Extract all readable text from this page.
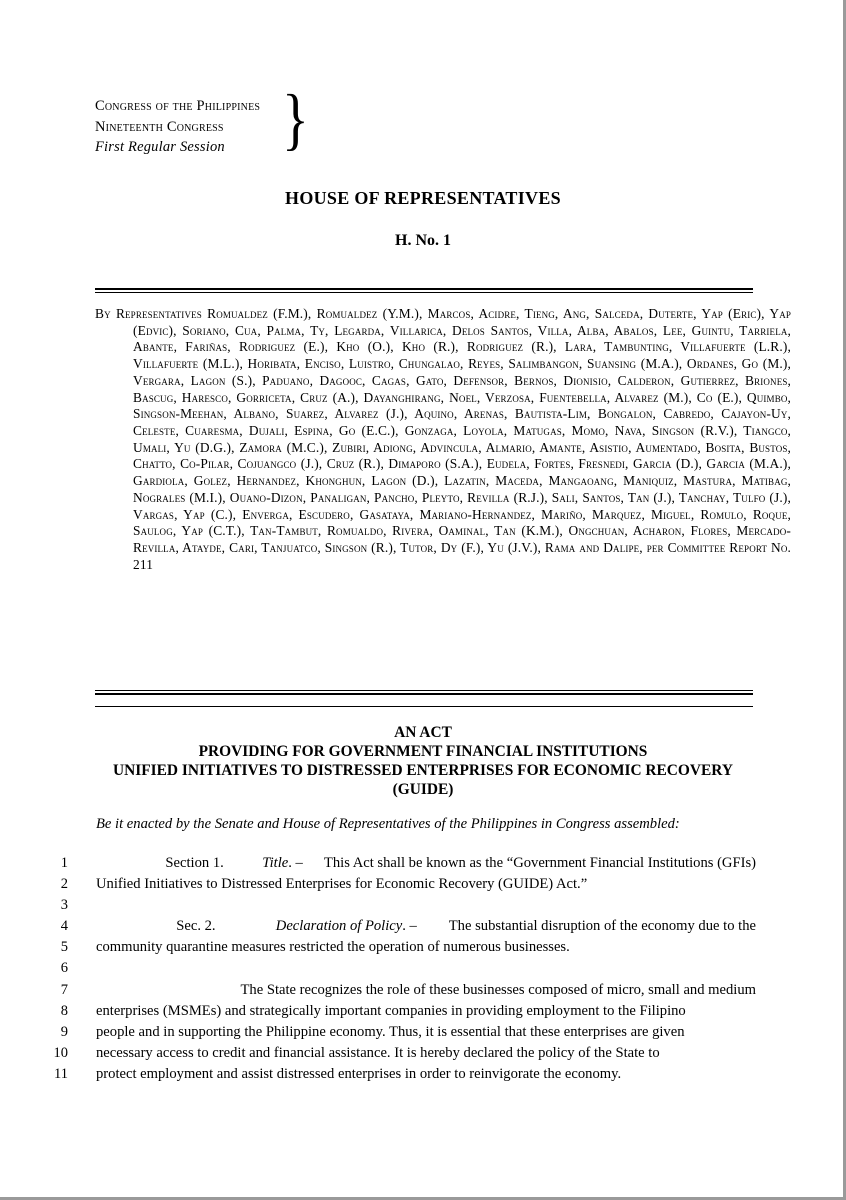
Congress of the Philippines
Nineteenth Congress
First Regular Session	}
HOUSE OF REPRESENTATIVES
H. No. 1
By Representatives Romualdez (F.M.), Romualdez (Y.M.), Marcos, Acidre, Tieng, Ang, Salceda, Duterte, Yap (Eric), Yap (Edvic), Soriano, Cua, Palma, Ty, Legarda, Villarica, Delos Santos, Villa, Alba, Abalos, Lee, Guintu, Tarriela, Abante, Fariñas, Rodriguez (E.), Kho (O.), Kho (R.), Rodriguez (R.), Lara, Tambunting, Villafuerte (L.R.), Villafuerte (M.L.), Horibata, Enciso, Luistro, Chungalao, Reyes, Salimbangon, Suansing (M.A.), Ordanes, Go (M.), Vergara, Lagon (S.), Paduano, Dagooc, Cagas, Gato, Defensor, Bernos, Dionisio, Calderon, Gutierrez, Briones, Bascug, Haresco, Gorriceta, Cruz (A.), Dayanghirang, Noel, Verzosa, Fuentebella, Alvarez (M.), Co (E.), Quimbo, Singson-Meehan, Albano, Suarez, Alvarez (J.), Aquino, Arenas, Bautista-Lim, Bongalon, Cabredo, Cajayon-Uy, Celeste, Cuaresma, Dujali, Espina, Go (E.C.), Gonzaga, Loyola, Matugas, Momo, Nava, Singson (R.V.), Tiangco, Umali, Yu (D.G.), Zamora (M.C.), Zubiri, Adiong, Advincula, Almario, Amante, Asistio, Aumentado, Bosita, Bustos, Chatto, Co-Pilar, Cojuangco (J.), Cruz (R.), Dimaporo (S.A.), Eudela, Fortes, Fresnedi, Garcia (D.), Garcia (M.A.), Gardiola, Golez, Hernandez, Khonghun, Lagon (D.), Lazatin, Maceda, Mangaoang, Maniquiz, Mastura, Matibag, Nograles (M.I.), Ouano-Dizon, Panaligan, Pancho, Pleyto, Revilla (R.J.), Sali, Santos, Tan (J.), Tanchay, Tulfo (J.), Vargas, Yap (C.), Enverga, Escudero, Gasataya, Mariano-Hernandez, Mariño, Marquez, Miguel, Romulo, Roque, Saulog, Yap (C.T.), Tan-Tambut, Romualdo, Rivera, Oaminal, Tan (K.M.), Ongchuan, Acharon, Flores, Mercado-Revilla, Atayde, Cari, Tanjuatco, Singson (R.), Tutor, Dy (F.), Yu (J.V.), Rama and Dalipe, per Committee Report No. 211
AN ACT
PROVIDING FOR GOVERNMENT FINANCIAL INSTITUTIONS
UNIFIED INITIATIVES TO DISTRESSED ENTERPRISES FOR ECONOMIC RECOVERY
(GUIDE)
Be it enacted by the Senate and House of Representatives of the Philippines in Congress assembled:
1	Section 1.
	Title. – This Act shall be known as the “Government Financial Institutions (GFIs)
2 Unified Initiatives to Distressed Enterprises for Economic Recovery (GUIDE) Act.”
3
4	Sec. 2.
	Declaration of Policy. – The substantial disruption of the economy due to the
5 community quarantine measures restricted the operation of numerous businesses.
6
7	The State recognizes the role of these businesses composed of micro, small and medium
8 enterprises (MSMEs) and strategically important companies in providing employment to the Filipino
9 people and in supporting the Philippine economy. Thus, it is essential that these enterprises are given
10 necessary access to credit and financial assistance. It is hereby declared the policy of the State to
11 protect employment and assist distressed enterprises in order to reinvigorate the economy.
